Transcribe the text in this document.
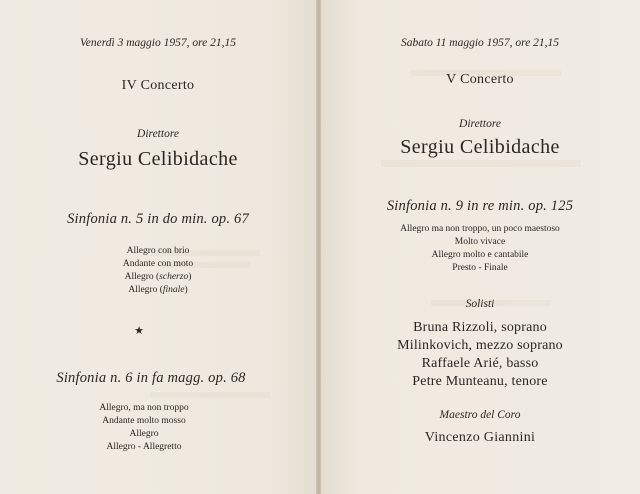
Venerdì 3 maggio 1957, ore 21,15
IV Concerto
Direttore
Sergiu Celibidache
Sinfonia n. 5 in do min. op. 67
Allegro con brio
Andante con moto
Allegro (scherzo)
Allegro (finale)
★
Sinfonia n. 6 in fa magg. op. 68
Allegro, ma non troppo
Andante molto mosso
Allegro
Allegro - Allegretto
Sabato 11 maggio 1957, ore 21,15
V Concerto
Direttore
Sergiu Celibidache
Sinfonia n. 9 in re min. op. 125
Allegro ma non troppo, un poco maestoso
Molto vivace
Allegro molto e cantabile
Presto - Finale
Solisti
Bruna Rizzoli, soprano
Milinkovich, mezzo soprano
Raffaele Arié, basso
Petre Munteanu, tenore
Maestro del Coro
Vincenzo Giannini
